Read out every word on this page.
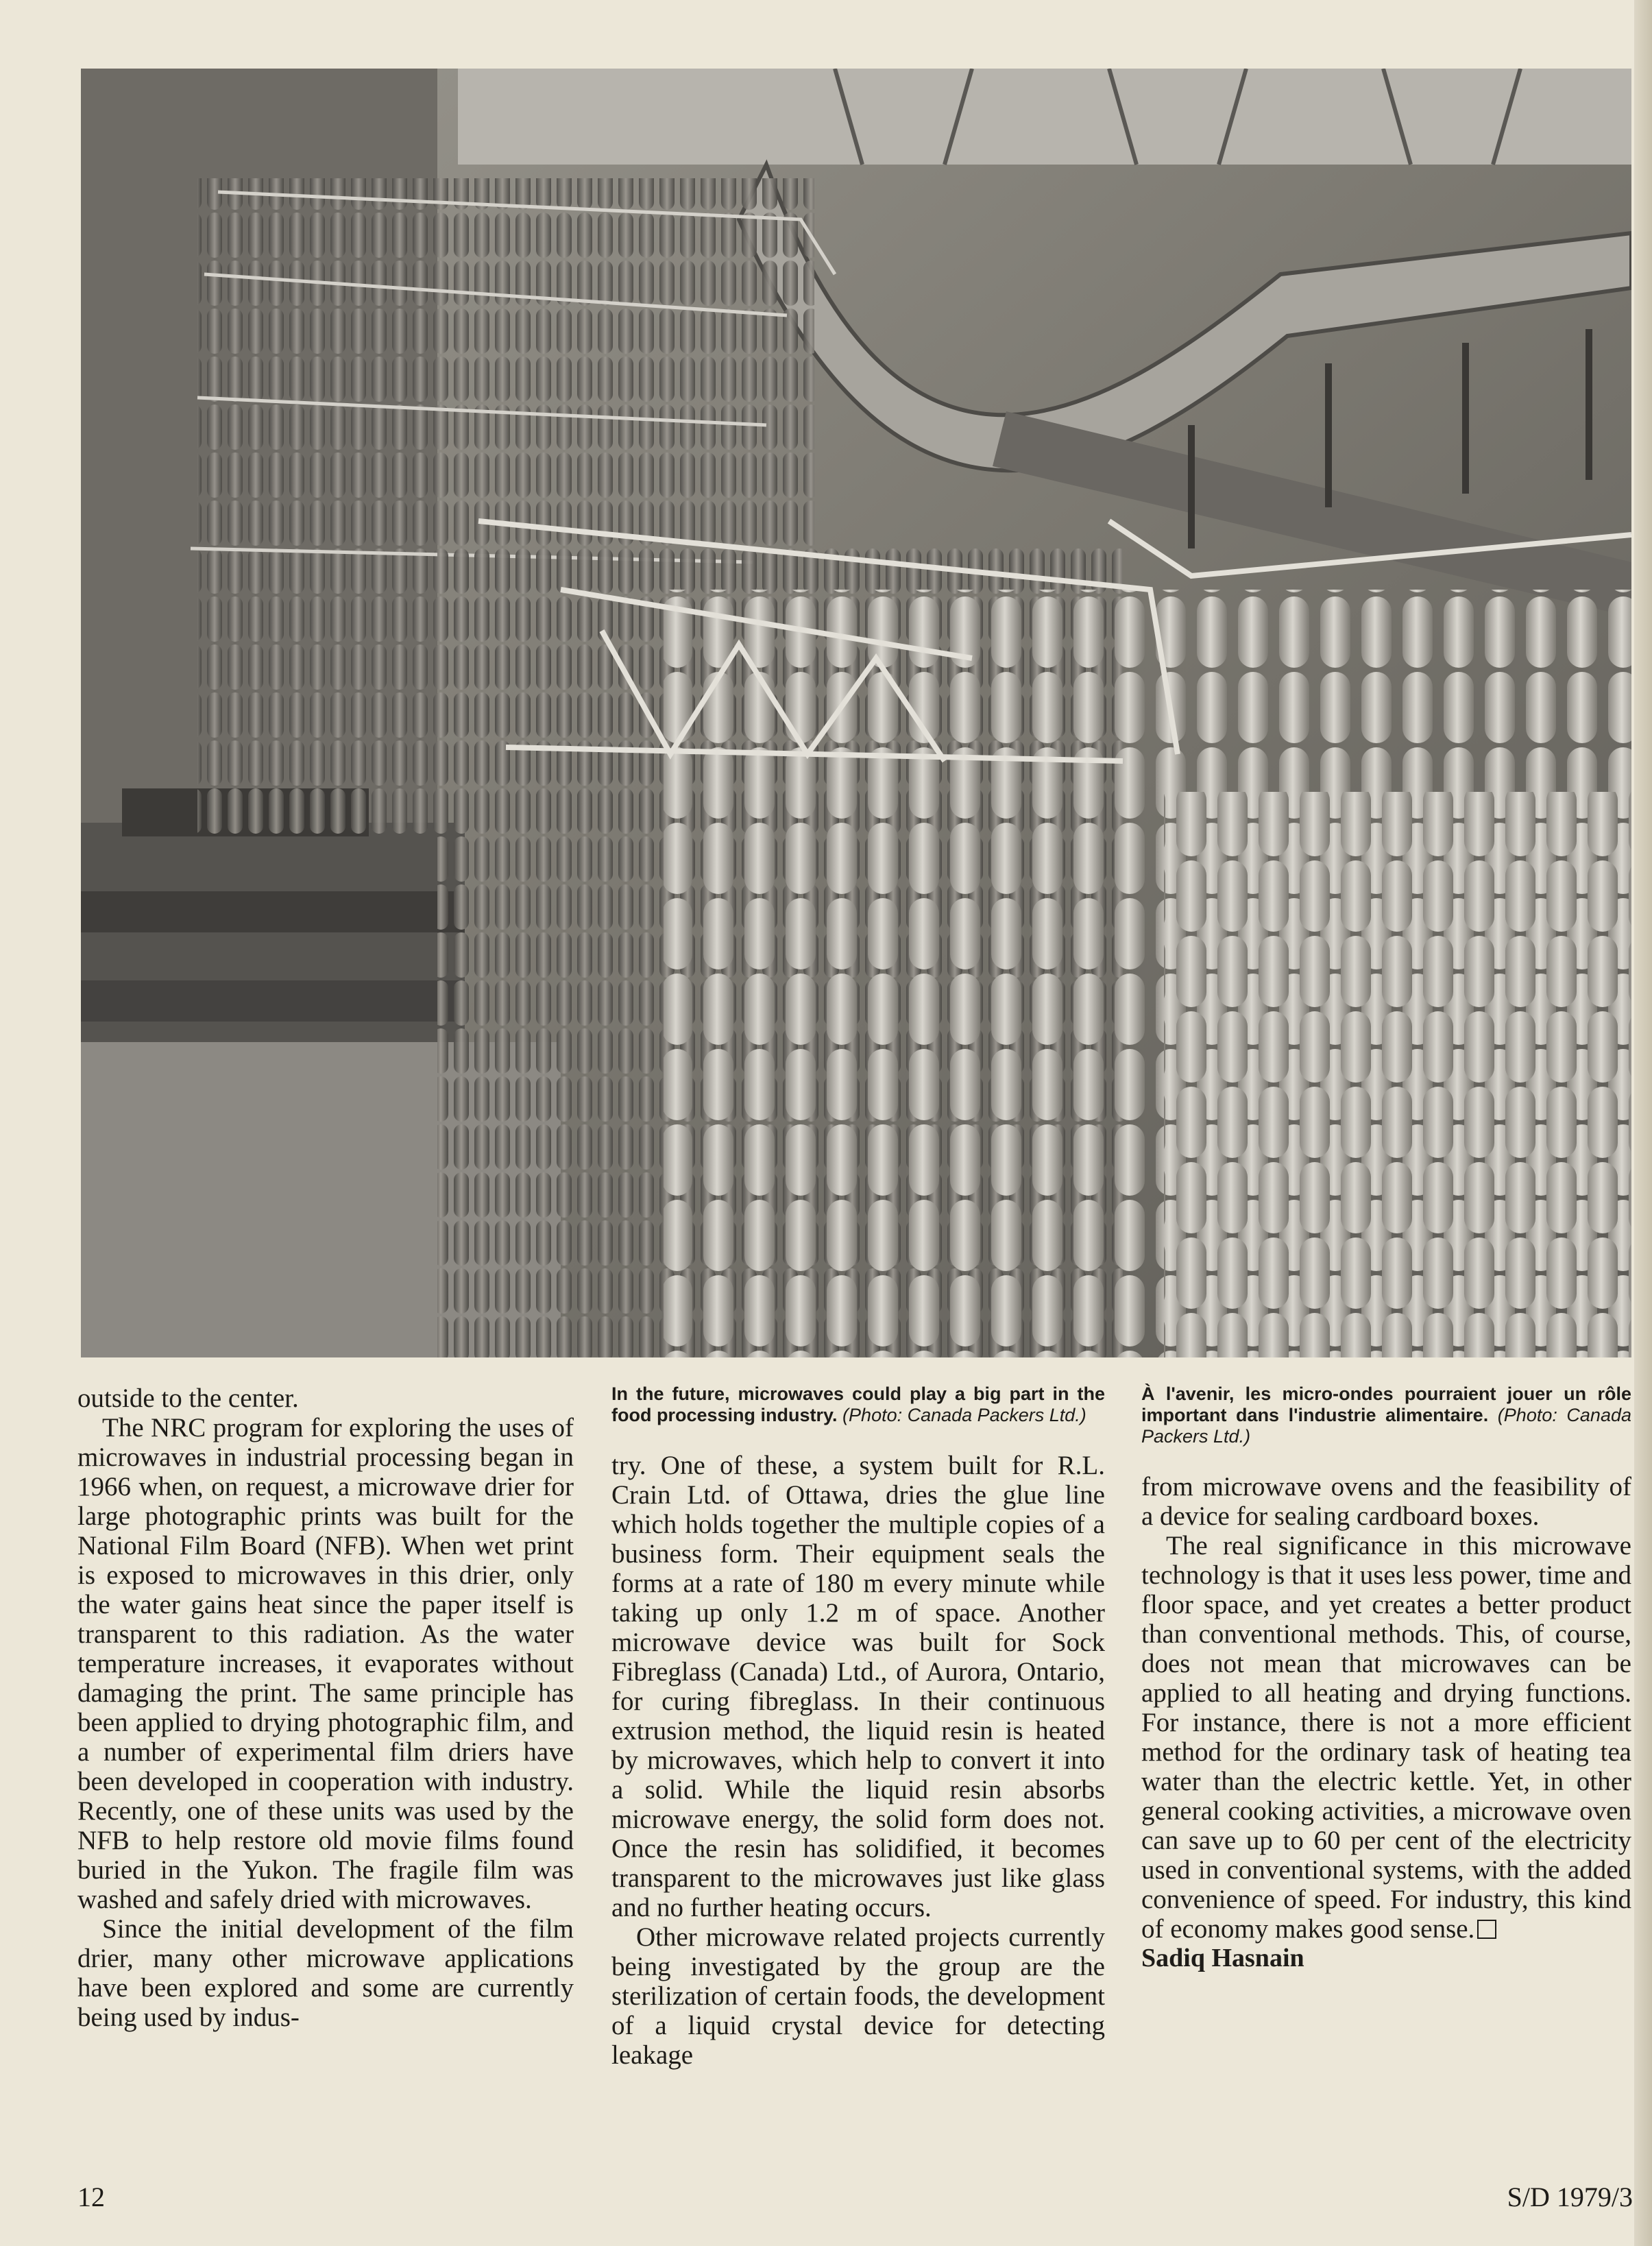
outside to the center.

The NRC program for exploring the uses of microwaves in industrial processing began in 1966 when, on request, a microwave drier for large photographic prints was built for the National Film Board (NFB). When wet print is exposed to microwaves in this drier, only the water gains heat since the paper itself is transparent to this radiation. As the water temperature increases, it evaporates without damaging the print. The same principle has been applied to drying photographic film, and a number of experimental film driers have been developed in cooperation with industry. Recently, one of these units was used by the NFB to help restore old movie films found buried in the Yukon. The fragile film was washed and safely dried with microwaves.

Since the initial development of the film drier, many other microwave applications have been explored and some are currently being used by indus-

In the future, microwaves could play a big part in the food processing industry. (Photo: Canada Packers Ltd.)

try. One of these, a system built for R.L. Crain Ltd. of Ottawa, dries the glue line which holds together the multiple copies of a business form. Their equipment seals the forms at a rate of 180 m every minute while taking up only 1.2 m of space. Another microwave device was built for Sock Fibreglass (Canada) Ltd., of Aurora, Ontario, for curing fibreglass. In their continuous extrusion method, the liquid resin is heated by microwaves, which help to convert it into a solid. While the liquid resin absorbs microwave energy, the solid form does not. Once the resin has solidified, it becomes transparent to the microwaves just like glass and no further heating occurs.

Other microwave related projects currently being investigated by the group are the sterilization of certain foods, the development of a liquid crystal device for detecting leakage

À l'avenir, les micro-ondes pourraient jouer un rôle important dans l'industrie alimentaire. (Photo: Canada Packers Ltd.)

from microwave ovens and the feasibility of a device for sealing cardboard boxes.

The real significance in this microwave technology is that it uses less power, time and floor space, and yet creates a better product than conventional methods. This, of course, does not mean that microwaves can be applied to all heating and drying functions. For instance, there is not a more efficient method for the ordinary task of heating tea water than the electric kettle. Yet, in other general cooking activities, a microwave oven can save up to 60 per cent of the electricity used in conventional systems, with the added convenience of speed. For industry, this kind of economy makes good sense.

Sadiq Hasnain
12	S/D 1979/3
